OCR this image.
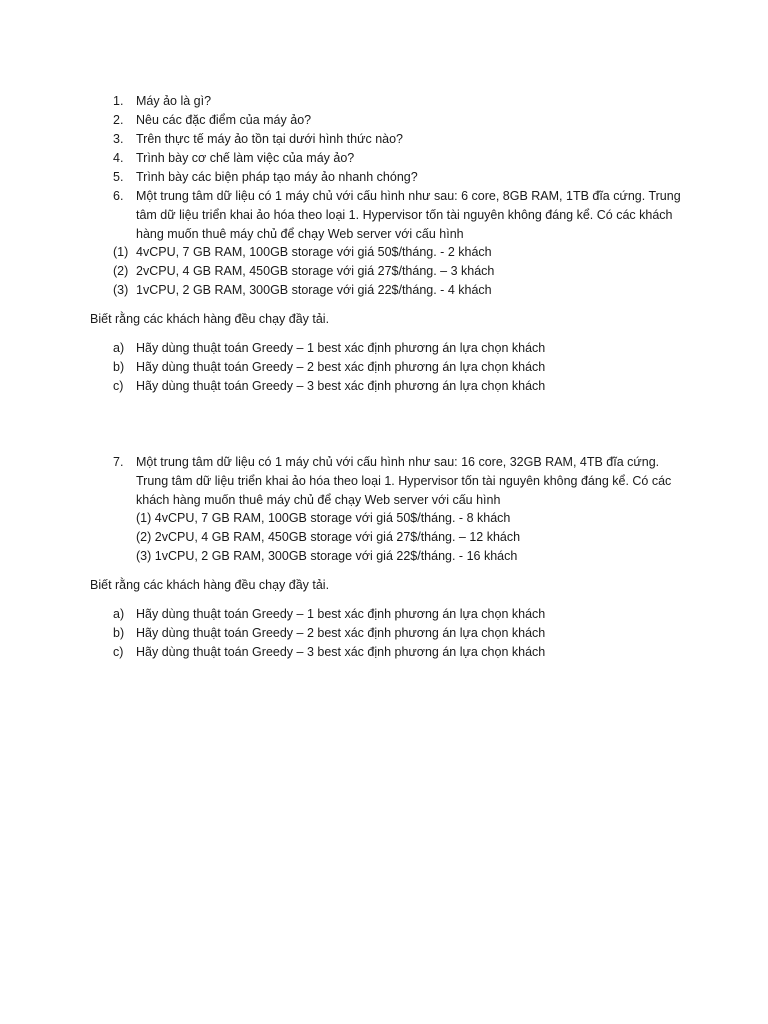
1. Máy ảo là gì?
2. Nêu các đặc điểm của máy ảo?
3. Trên thực tế máy ảo tồn tại dưới hình thức nào?
4. Trình bày cơ chế làm việc của máy ảo?
5. Trình bày các biện pháp tạo máy ảo nhanh chóng?
6. Một trung tâm dữ liệu có 1 máy chủ với cấu hình như sau: 6 core, 8GB RAM, 1TB đĩa cứng. Trung
tâm dữ liệu triển khai ảo hóa theo loại 1. Hypervisor tốn tài nguyên không đáng kể. Có các khách
hàng muốn thuê máy chủ để chạy Web server với cấu hình
(1) 4vCPU, 7 GB RAM, 100GB storage với giá 50$/tháng. - 2 khách
(2) 2vCPU, 4 GB RAM, 450GB storage với giá 27$/tháng. – 3 khách
(3) 1vCPU, 2 GB RAM, 300GB storage với giá 22$/tháng. - 4 khách
Biết rằng các khách hàng đều chạy đầy tải.
a) Hãy dùng thuật toán Greedy – 1 best xác định phương án lựa chọn khách
b) Hãy dùng thuật toán Greedy – 2 best xác định phương án lựa chọn khách
c) Hãy dùng thuật toán Greedy – 3 best xác định phương án lựa chọn khách
7. Một trung tâm dữ liệu có 1 máy chủ với cấu hình như sau: 16 core, 32GB RAM, 4TB đĩa cứng.
Trung tâm dữ liệu triển khai ảo hóa theo loại 1. Hypervisor tốn tài nguyên không đáng kể. Có các
khách hàng muốn thuê máy chủ để chạy Web server với cấu hình
(1) 4vCPU, 7 GB RAM, 100GB storage với giá 50$/tháng. - 8 khách
(2) 2vCPU, 4 GB RAM, 450GB storage với giá 27$/tháng. – 12 khách
(3) 1vCPU, 2 GB RAM, 300GB storage với giá 22$/tháng. - 16 khách
Biết rằng các khách hàng đều chạy đầy tải.
a) Hãy dùng thuật toán Greedy – 1 best xác định phương án lựa chọn khách
b) Hãy dùng thuật toán Greedy – 2 best xác định phương án lựa chọn khách
c) Hãy dùng thuật toán Greedy – 3 best xác định phương án lựa chọn khách
